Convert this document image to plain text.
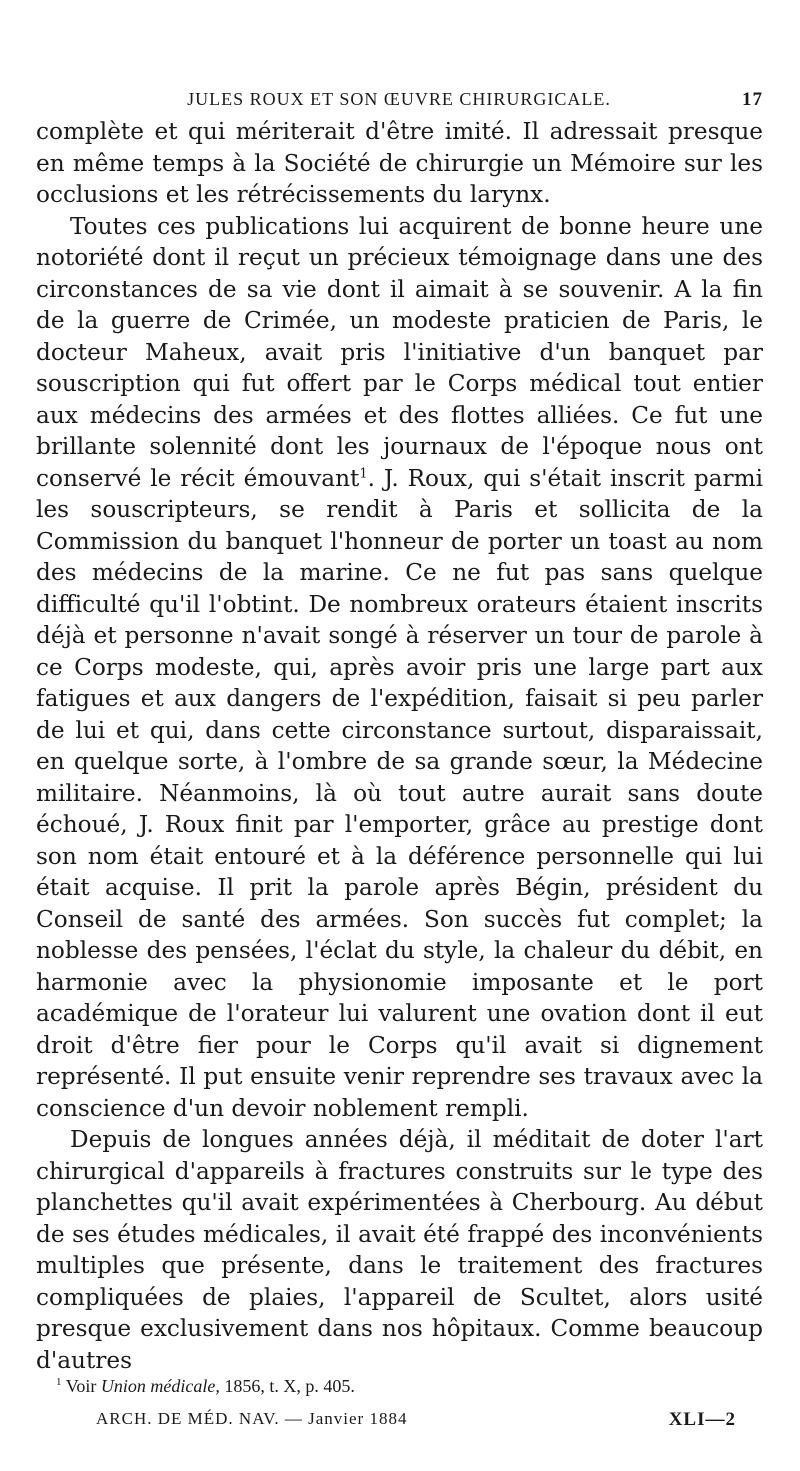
JULES ROUX ET SON ŒUVRE CHIRURGICALE.	17

complète et qui mériterait d'être imité. Il adressait presque en même temps à la Société de chirurgie un Mémoire sur les occlusions et les rétrécissements du larynx.

Toutes ces publications lui acquirent de bonne heure une notoriété dont il reçut un précieux témoignage dans une des circonstances de sa vie dont il aimait à se souvenir. A la fin de la guerre de Crimée, un modeste praticien de Paris, le docteur Maheux, avait pris l'initiative d'un banquet par souscription qui fut offert par le Corps médical tout entier aux médecins des armées et des flottes alliées. Ce fut une brillante solennité dont les journaux de l'époque nous ont conservé le récit émouvant$^1$. J. Roux, qui s'était inscrit parmi les souscripteurs, se rendit à Paris et sollicita de la Commission du banquet l'honneur de porter un toast au nom des médecins de la marine. Ce ne fut pas sans quelque difficulté qu'il l'obtint. De nombreux orateurs étaient inscrits déjà et personne n'avait songé à réserver un tour de parole à ce Corps modeste, qui, après avoir pris une large part aux fatigues et aux dangers de l'expédition, faisait si peu parler de lui et qui, dans cette circonstance surtout, disparaissait, en quelque sorte, à l'ombre de sa grande sœur, la Médecine militaire. Néanmoins, là où tout autre aurait sans doute échoué, J. Roux finit par l'emporter, grâce au prestige dont son nom était entouré et à la déférence personnelle qui lui était acquise. Il prit la parole après Bégin, président du Conseil de santé des armées. Son succès fut complet; la noblesse des pensées, l'éclat du style, la chaleur du débit, en harmonie avec la physionomie imposante et le port académique de l'orateur lui valurent une ovation dont il eut droit d'être fier pour le Corps qu'il avait si dignement représenté. Il put ensuite venir reprendre ses travaux avec la conscience d'un devoir noblement rempli.

Depuis de longues années déjà, il méditait de doter l'art chirurgical d'appareils à fractures construits sur le type des planchettes qu'il avait expérimentées à Cherbourg. Au début de ses études médicales, il avait été frappé des inconvénients multiples que présente, dans le traitement des fractures compliquées de plaies, l'appareil de Scultet, alors usité presque exclusivement dans nos hôpitaux. Comme beaucoup d'autres

$^1$ Voir Union médicale, 1856, t. X, p. 405.
ARCH. DE MÉD. NAV. — Janvier 1884	XLI—2
